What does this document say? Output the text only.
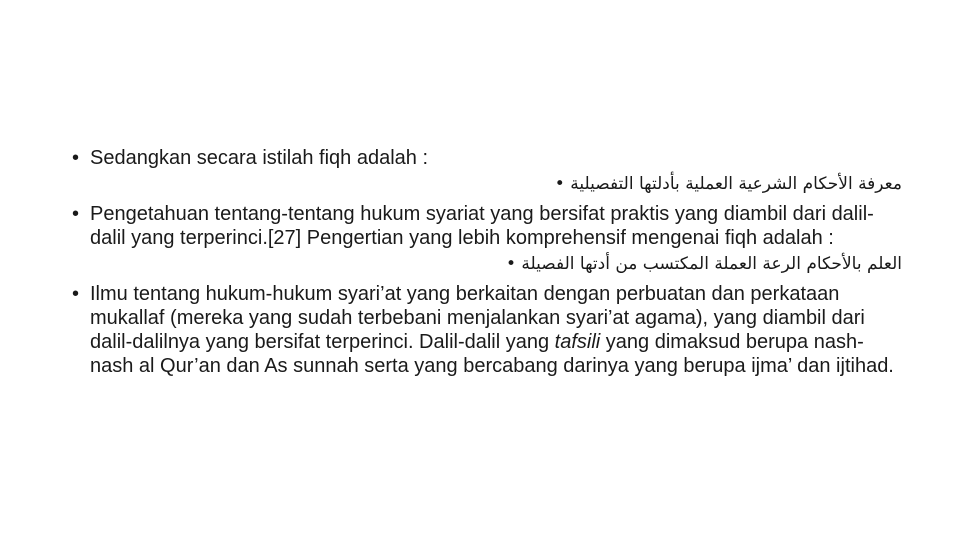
• Sedangkan secara istilah fiqh adalah :
معرفة الأحكام الشرعية العملية بأدلتها التفصيلية •
• Pengetahuan tentang-tentang hukum syariat yang bersifat praktis yang diambil dari dalil-dalil yang terperinci.[27] Pengertian yang lebih komprehensif mengenai fiqh adalah :
العلم بالأحكام الرعة العملة المكتسب من أدتها الفصيلة •
• Ilmu tentang hukum-hukum syari’at yang berkaitan dengan perbuatan dan perkataan mukallaf (mereka yang sudah terbebani menjalankan syari’at agama), yang diambil dari dalil-dalilnya yang bersifat terperinci. Dalil-dalil yang tafsili yang dimaksud berupa nash-nash al Qur’an dan As sunnah serta yang bercabang darinya yang berupa ijma’ dan ijtihad.
